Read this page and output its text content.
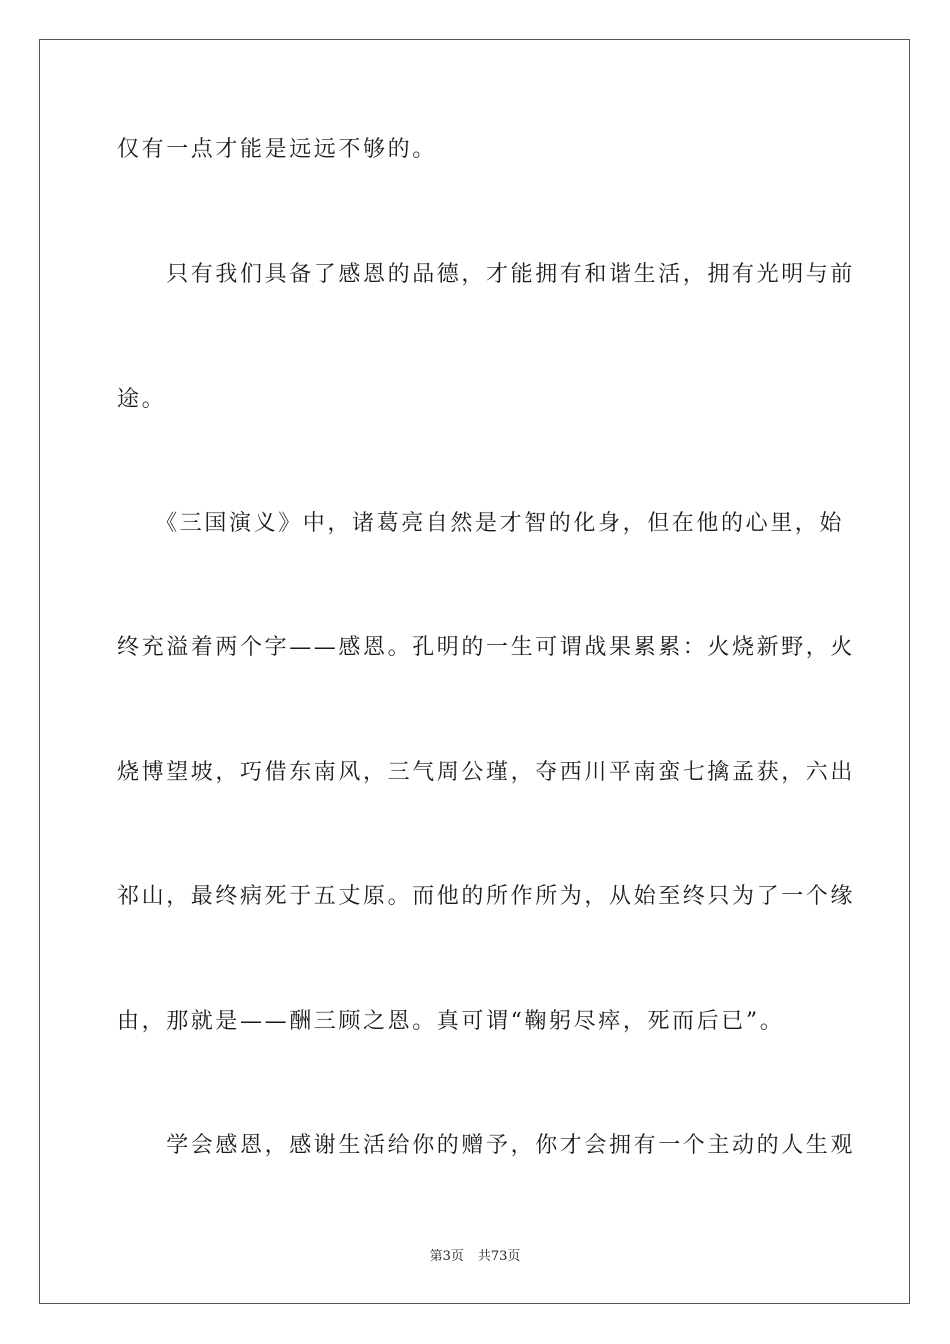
仅有一点才能是远远不够的。
　　只有我们具备了感恩的品德，才能拥有和谐生活，拥有光明与前
途。
　　《三国演义》中，诸葛亮自然是才智的化身，但在他的心里，始
终充溢着两个字——感恩。孔明的一生可谓战果累累：火烧新野，火
烧博望坡，巧借东南风，三气周公瑾，夺西川平南蛮七擒孟获，六出
祁山，最终病死于五丈原。而他的所作所为，从始至终只为了一个缘
由，那就是——酬三顾之恩。真可谓“鞠躬尽瘁，死而后已”。
　　学会感恩，感谢生活给你的赠予，你才会拥有一个主动的人生观
第3页 共73页
